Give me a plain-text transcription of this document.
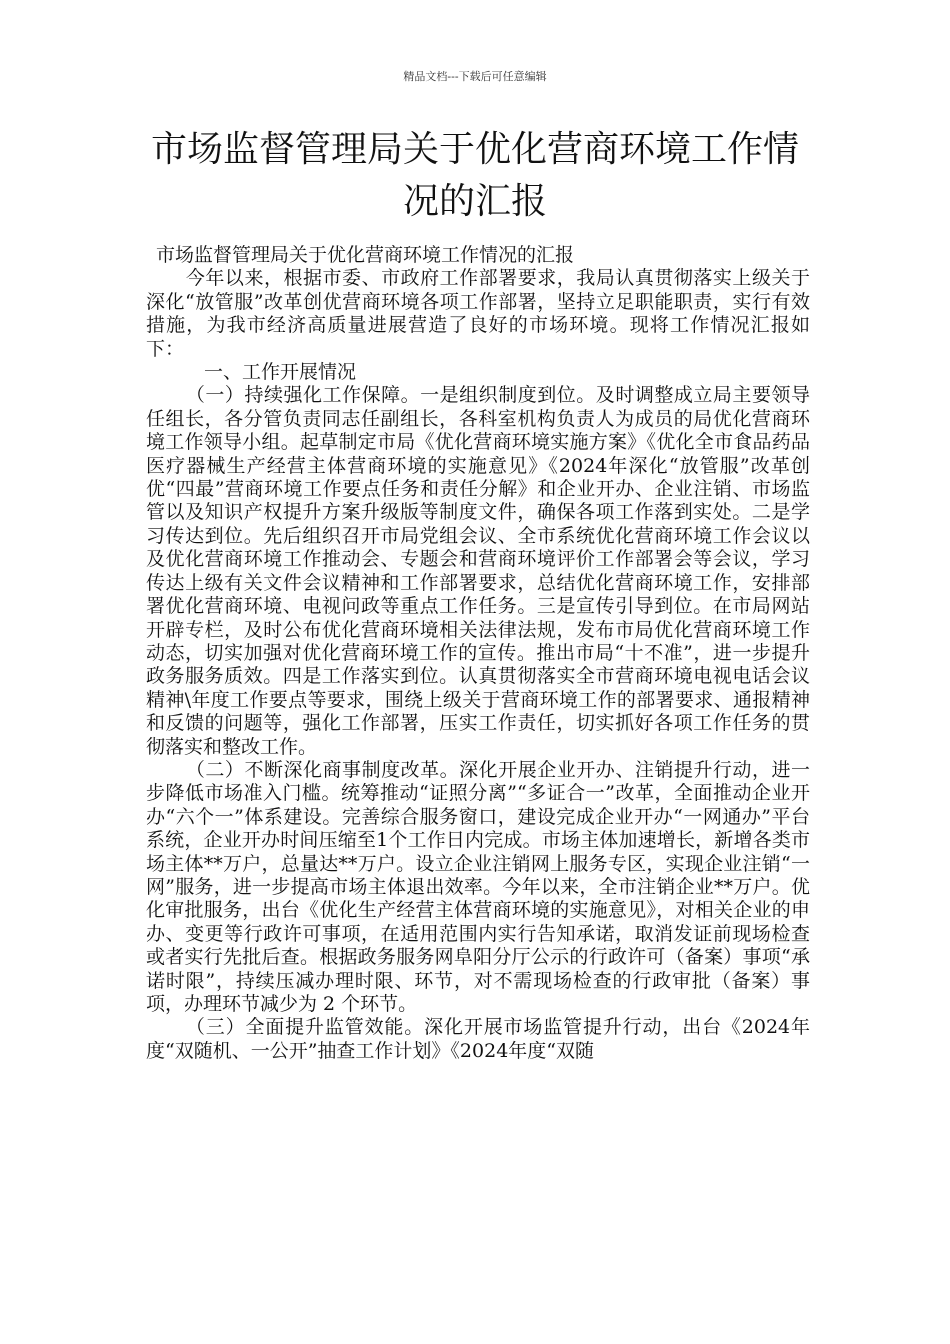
精品文档---下载后可任意编辑
市场监督管理局关于优化营商环境工作情况的汇报

市场监督管理局关于优化营商环境工作情况的汇报

今年以来，根据市委、市政府工作部署要求，我局认真贯彻落实上级关于深化“放管服”改革创优营商环境各项工作部署，坚持立足职能职责，实行有效措施，为我市经济高质量进展营造了良好的市场环境。现将工作情况汇报如下：

一、工作开展情况

（一）持续强化工作保障。一是组织制度到位。及时调整成立局主要领导任组长，各分管负责同志任副组长，各科室机构负责人为成员的局优化营商环境工作领导小组。起草制定市局《优化营商环境实施方案》《优化全市食品药品医疗器械生产经营主体营商环境的实施意见》《2024年深化“放管服”改革创优“四最”营商环境工作要点任务和责任分解》和企业开办、企业注销、市场监管以及知识产权提升方案升级版等制度文件，确保各项工作落到实处。二是学习传达到位。先后组织召开市局党组会议、全市系统优化营商环境工作会议以及优化营商环境工作推动会、专题会和营商环境评价工作部署会等会议，学习传达上级有关文件会议精神和工作部署要求，总结优化营商环境工作，安排部署优化营商环境、电视问政等重点工作任务。三是宣传引导到位。在市局网站开辟专栏，及时公布优化营商环境相关法律法规，发布市局优化营商环境工作动态，切实加强对优化营商环境工作的宣传。推出市局“十不准”，进一步提升政务服务质效。四是工作落实到位。认真贯彻落实全市营商环境电视电话会议精神\年度工作要点等要求，围绕上级关于营商环境工作的部署要求、通报精神和反馈的问题等，强化工作部署，压实工作责任，切实抓好各项工作任务的贯彻落实和整改工作。

（二）不断深化商事制度改革。深化开展企业开办、注销提升行动，进一步降低市场准入门槛。统筹推动“证照分离”“多证合一”改革，全面推动企业开办“六个一”体系建设。完善综合服务窗口，建设完成企业开办“一网通办”平台系统，企业开办时间压缩至1个工作日内完成。市场主体加速增长，新增各类市场主体**万户，总量达**万户。设立企业注销网上服务专区，实现企业注销“一网”服务，进一步提高市场主体退出效率。今年以来，全市注销企业**万户。优化审批服务，出台《优化生产经营主体营商环境的实施意见》，对相关企业的申办、变更等行政许可事项，在适用范围内实行告知承诺，取消发证前现场检查或者实行先批后查。根据政务服务网阜阳分厅公示的行政许可（备案）事项“承诺时限”，持续压减办理时限、环节，对不需现场检查的行政审批（备案）事项，办理环节减少为 2 个环节。

（三）全面提升监管效能。深化开展市场监管提升行动，出台《2024年度“双随机、一公开”抽查工作计划》《2024年度“双随
